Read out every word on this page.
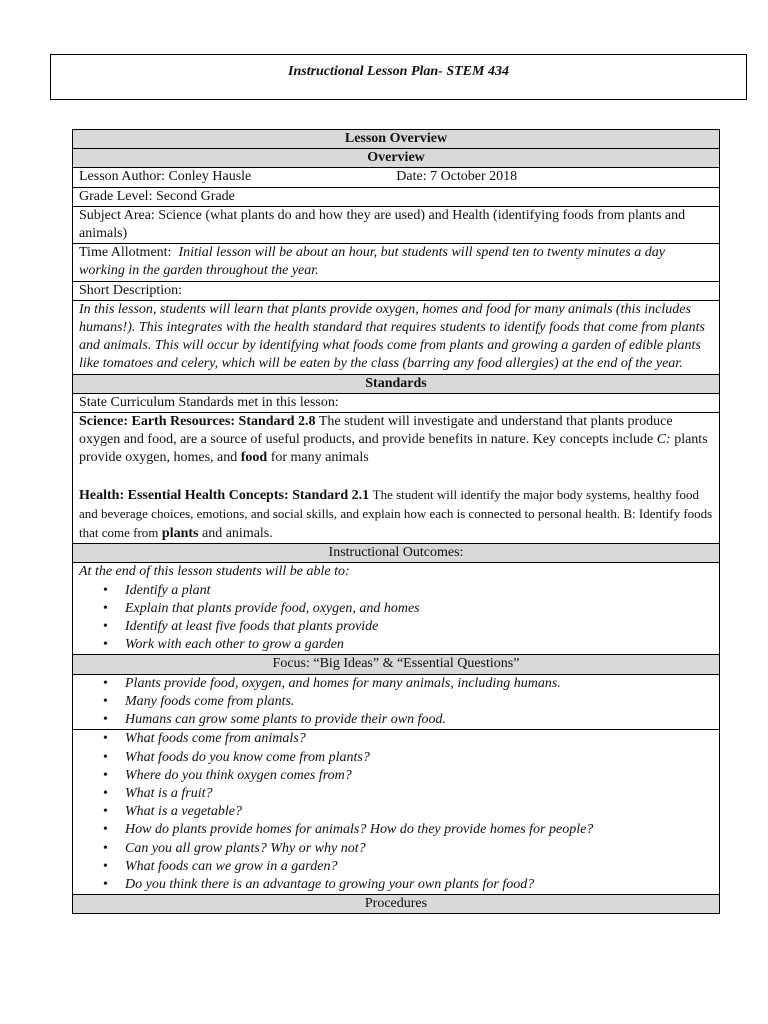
Instructional Lesson Plan- STEM 434
Lesson Overview
Overview
Lesson Author: Conley Hausle	Date: 7 October 2018
Grade Level: Second Grade
Subject Area: Science (what plants do and how they are used) and Health (identifying foods from plants and animals)
Time Allotment: Initial lesson will be about an hour, but students will spend ten to twenty minutes a day working in the garden throughout the year.
Short Description:
In this lesson, students will learn that plants provide oxygen, homes and food for many animals (this includes humans!). This integrates with the health standard that requires students to identify foods that come from plants and animals. This will occur by identifying what foods come from plants and growing a garden of edible plants like tomatoes and celery, which will be eaten by the class (barring any food allergies) at the end of the year.
Standards
State Curriculum Standards met in this lesson:
Science: Earth Resources: Standard 2.8 The student will investigate and understand that plants produce oxygen and food, are a source of useful products, and provide benefits in nature. Key concepts include C: plants provide oxygen, homes, and food for many animals
Health: Essential Health Concepts: Standard 2.1 The student will identify the major body systems, healthy food and beverage choices, emotions, and social skills, and explain how each is connected to personal health. B: Identify foods that come from plants and animals.
Instructional Outcomes:
At the end of this lesson students will be able to:
• Identify a plant
• Explain that plants provide food, oxygen, and homes
• Identify at least five foods that plants provide
• Work with each other to grow a garden
Focus: “Big Ideas” & “Essential Questions”
• Plants provide food, oxygen, and homes for many animals, including humans.
• Many foods come from plants.
• Humans can grow some plants to provide their own food.
• What foods come from animals?
• What foods do you know come from plants?
• Where do you think oxygen comes from?
• What is a fruit?
• What is a vegetable?
• How do plants provide homes for animals? How do they provide homes for people?
• Can you all grow plants? Why or why not?
• What foods can we grow in a garden?
• Do you think there is an advantage to growing your own plants for food?
Procedures
